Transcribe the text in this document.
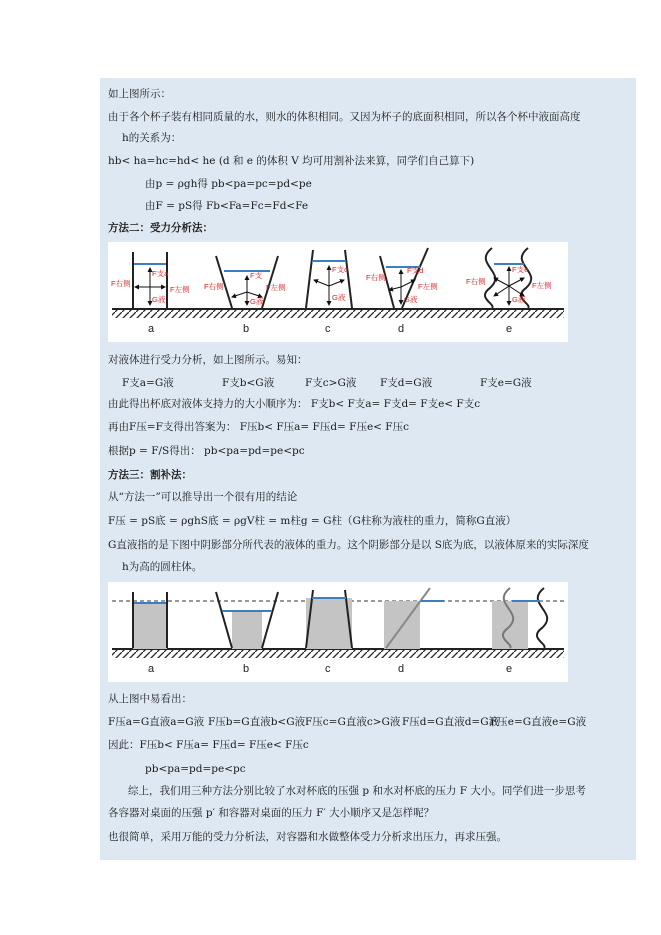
如上图所示：
由于各个杯子装有相同质量的水，则水的体积相同。又因为杯子的底面积相同，所以各个杯中液面高度
h的关系为：
hb< ha=hc=hd< he (d 和 e 的体积 V 均可用割补法来算，同学们自己算下)
由p = ρgh得 pb<pa=pc=pd<pe
由F = pS得 Fb<Fa=Fc=Fd<Fe
方法二：受力分析法：
F支a
F右侧
F左侧
G液
a
F支
F右侧	F左侧
G液
b
F支c
G液
c
F支d
F右侧
F左侧
G液
d
F支e
F右侧	F左侧
G液
e
对液体进行受力分析，如上图所示。易知：
F支a=G液	F支b<G液	F支c>G液 F支d=G液	F支e=G液
由此得出杯底对液体支持力的大小顺序为： F支b< F支a= F支d= F支e< F支c
再由F压=F支得出答案为： F压b< F压a= F压d= F压e< F压c
根据p = F/S得出： pb<pa=pd=pe<pc
方法三：割补法：
从“方法一”可以推导出一个很有用的结论
F压 = pS底 = ρghS底 = ρgV柱 = m柱g = G柱（G柱称为液柱的重力，简称G直液）
G直液指的是下图中阴影部分所代表的液体的重力。这个阴影部分是以 S底为底，以液体原来的实际深度
h为高的圆柱体。
a	b	c	d	e
从上图中易看出：
F压a=G直液a=G液 F压b=G直液b<G液 F压c=G直液c>G液 F压d=G直液d=G液
F压e=G直液e=G液
因此：F压b< F压a= F压d= F压e< F压c
pb<pa=pd=pe<pc
综上，我们用三种方法分别比较了水对杯底的压强 p 和水对杯底的压力 F 大小。同学们进一步思考
各容器对桌面的压强 p′ 和容器对桌面的压力 F′ 大小顺序又是怎样呢？
也很简单，采用万能的受力分析法，对容器和水做整体受力分析求出压力，再求压强。
